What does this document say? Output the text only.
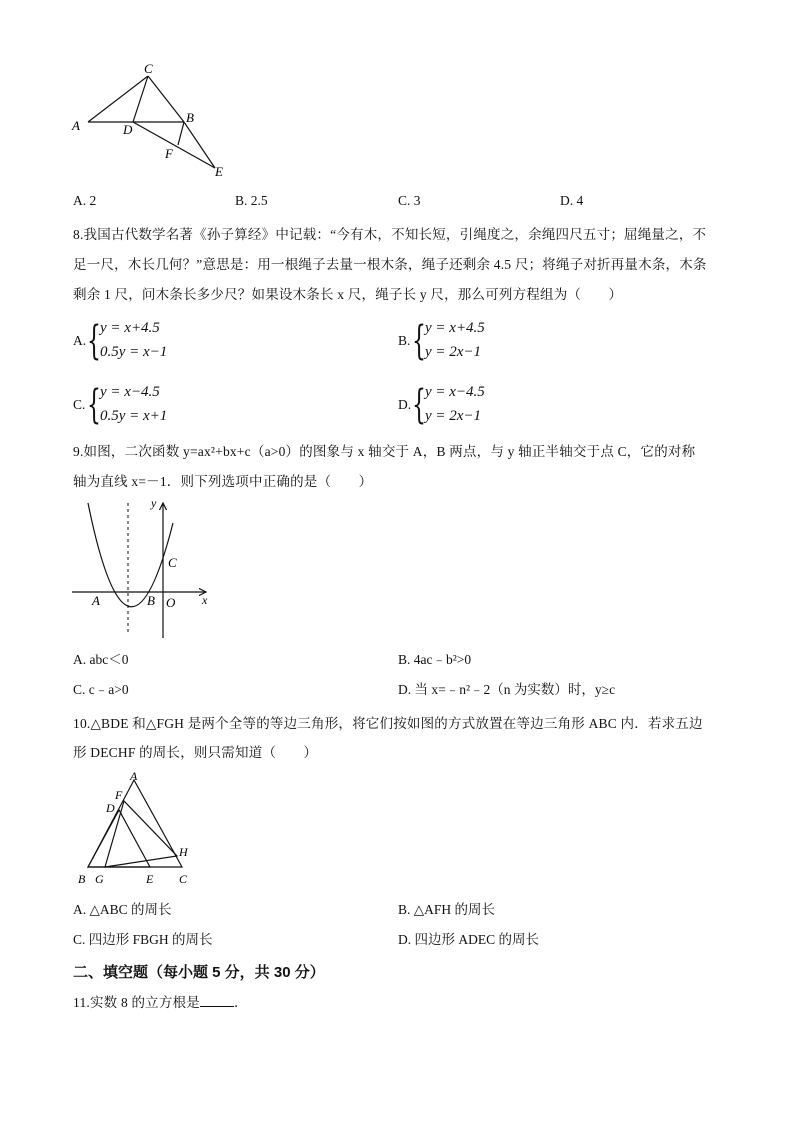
C
A	D
B
F
E
A. 2	B. 2.5	C. 3	D. 4
8.我国古代数学名著《孙子算经》中记载：“今有木，不知长短，引绳度之，余绳四尺五寸；屈绳量之，不
足一尺，木长几何？”意思是：用一根绳子去量一根木条，绳子还剩余 4.5 尺；将绳子对折再量木条，木条
剩余 1 尺，问木条长多少尺？如果设木条长 x 尺，绳子长 y 尺，那么可列方程组为（　　）
A. { y = x+4.5
0.5y = x−1
B. { y = x+4.5
y = 2x−1
C. { y = x−4.5
0.5y = x+1
D. { y = x−4.5
y = 2x−1
9.如图，二次函数 y=ax²+bx+c（a>0）的图象与 x 轴交于 A，B 两点，与 y 轴正半轴交于点 C，它的对称
轴为直线 x=－1．则下列选项中正确的是（　　）
y
x
C
A	B O
A. abc＜0	B. 4ac﹣b²>0
C. c﹣a>0	D. 当 x=﹣n²﹣2（n 为实数）时，y≥c
10.△BDE 和△FGH 是两个全等的等边三角形，将它们按如图的方式放置在等边三角形 ABC 内．若求五边
形 DECHF 的周长，则只需知道（　　）
A
F
D
H
B G	E C
A. △ABC 的周长	B. △AFH 的周长
C. 四边形 FBGH 的周长	D. 四边形 ADEC 的周长
二、填空题（每小题 5 分，共 30 分）
11.实数 8 的立方根是	．
